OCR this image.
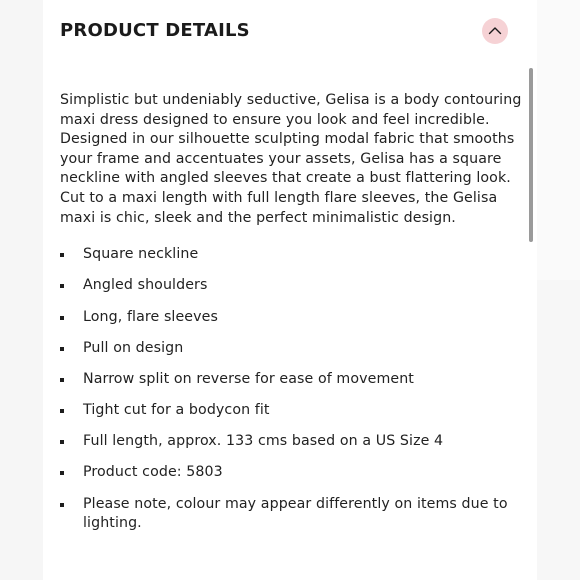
PRODUCT DETAILS

Simplistic but undeniably seductive, Gelisa is a body contouring maxi dress designed to ensure you look and feel incredible. Designed in our silhouette sculpting modal fabric that smooths your frame and accentuates your assets, Gelisa has a square neckline with angled sleeves that create a bust flattering look. Cut to a maxi length with full length flare sleeves, the Gelisa maxi is chic, sleek and the perfect minimalistic design.

Square neckline
Angled shoulders
Long, flare sleeves
Pull on design
Narrow split on reverse for ease of movement
Tight cut for a bodycon fit
Full length, approx. 133 cms based on a US Size 4
Product code: 5803
Please note, colour may appear differently on items due to lighting.
